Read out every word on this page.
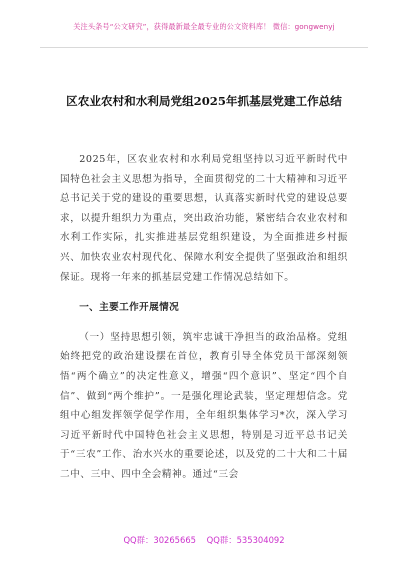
关注头条号“公文研究”，获得最新最全最专业的公文资料库！ 微信：gongwenyj
区农业农村和水利局党组2025年抓基层党建工作总结

2025年，区农业农村和水利局党组坚持以习近平新时代中国特色社会主义思想为指导，全面贯彻党的二十大精神和习近平总书记关于党的建设的重要思想，认真落实新时代党的建设总要求，以提升组织力为重点，突出政治功能，紧密结合农业农村和水利工作实际，扎实推进基层党组织建设，为全面推进乡村振兴、加快农业农村现代化、保障水利安全提供了坚强政治和组织保证。现将一年来的抓基层党建工作情况总结如下。

一、主要工作开展情况

（一）坚持思想引领，筑牢忠诚干净担当的政治品格。党组始终把党的政治建设摆在首位，教育引导全体党员干部深刻领悟“两个确立”的决定性意义，增强“四个意识”、坚定“四个自信”、做到“两个维护”。一是强化理论武装，坚定理想信念。党组中心组发挥领学促学作用，全年组织集体学习*次，深入学习习近平新时代中国特色社会主义思想，特别是习近平总书记关于“三农”工作、治水兴水的重要论述，以及党的二十大和二十届二中、三中、四中全会精神。通过“三会

QQ群：30265665 QQ群：535304092
